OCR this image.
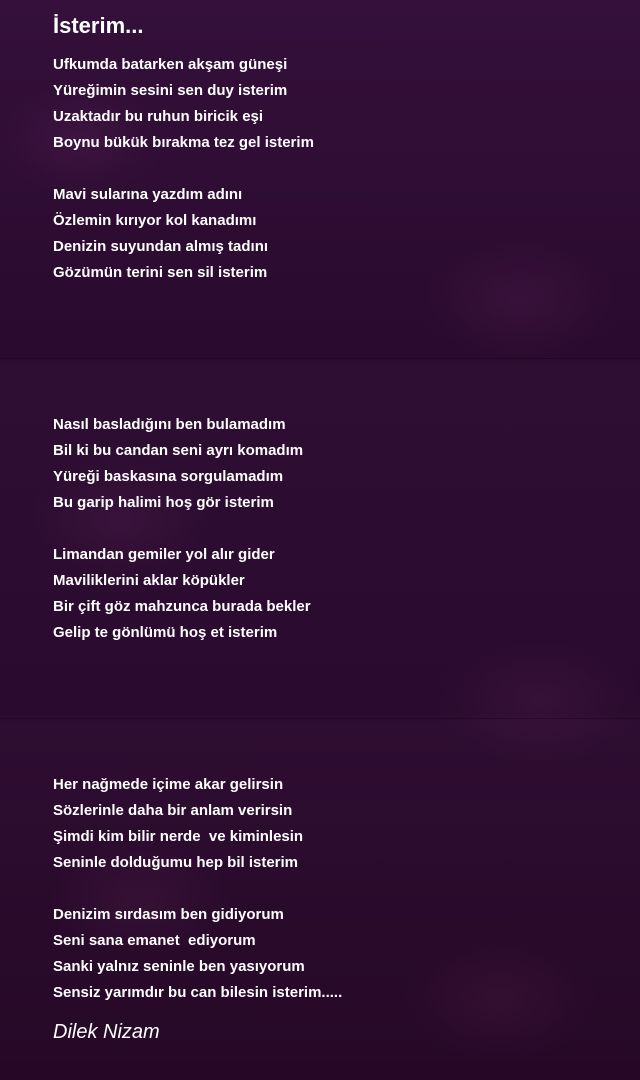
İsterim...
Ufkumda batarken akşam güneşi
Yüreğimin sesini sen duy isterim
Uzaktadır bu ruhun biricik eşi
Boynu bükük bırakma tez gel isterim
Mavi sularına yazdım adını
Özlemin kırıyor kol kanadımı
Denizin suyundan almış tadını
Gözümün terini sen sil isterim
Nasıl basladığını ben bulamadım
Bil ki bu candan seni ayrı komadım
Yüreği baskasına sorgulamadım
Bu garip halimi hoş gör isterim
Limandan gemiler yol alır gider
Maviliklerini aklar köpükler
Bir çift göz mahzunca burada bekler
Gelip te gönlümü hoş et isterim
Her nağmede içime akar gelirsin
Sözlerinle daha bir anlam verirsin
Şimdi kim bilir nerde  ve kiminlesin
Seninle dolduğumu hep bil isterim
Denizim sırdasım ben gidiyorum
Seni sana emanet  ediyorum
Sanki yalnız seninle ben yasıyorum
Sensiz yarımdır bu can bilesin isterim.....
Dilek Nizam
